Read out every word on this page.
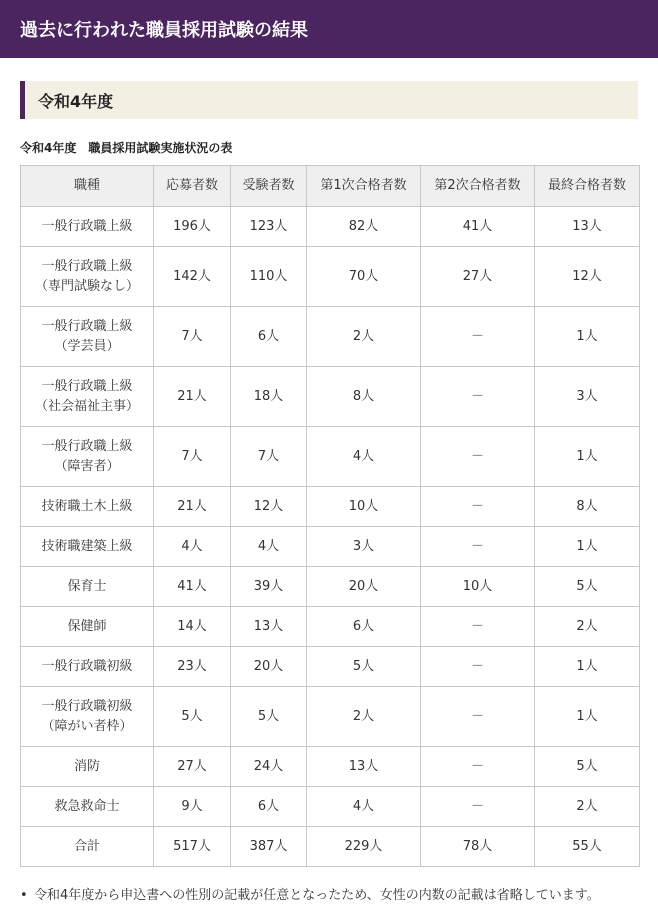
過去に行われた職員採用試験の結果
令和4年度
令和4年度　職員採用試験実施状況の表
職種	応募者数	受験者数	第1次合格者数	第2次合格者数	最終合格者数
一般行政職上級	196人	123人	82人	41人	13人
一般行政職上級
（専門試験なし）	142人	110人	70人	27人	12人
一般行政職上級
（学芸員）	7人	6人	2人	－	1人
一般行政職上級
（社会福祉主事）	21人	18人	8人	－	3人
一般行政職上級
（障害者）	7人	7人	4人	－	1人
技術職土木上級	21人	12人	10人	－	8人
技術職建築上級	4人	4人	3人	－	1人
保育士	41人	39人	20人	10人	5人
保健師	14人	13人	6人	－	2人
一般行政職初級	23人	20人	5人	－	1人
一般行政職初級
（障がい者枠）	5人	5人	2人	－	1人
消防	27人	24人	13人	－	5人
救急救命士	9人	6人	4人	－	2人
合計	517人	387人	229人	78人	55人
• 令和4年度から申込書への性別の記載が任意となったため、女性の内数の記載は省略しています。
